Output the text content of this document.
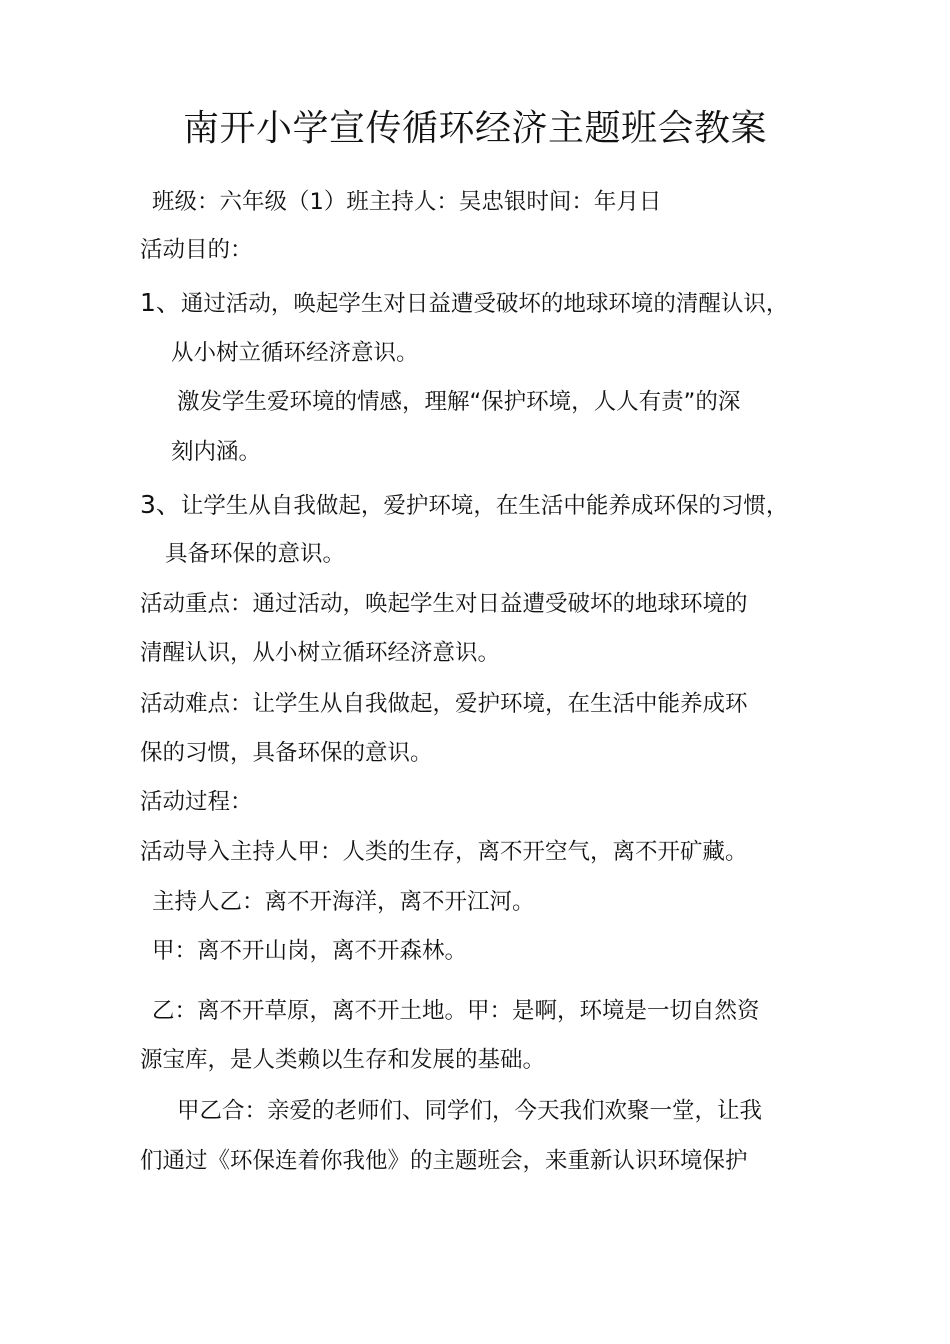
南开小学宣传循环经济主题班会教案
班级：六年级（1）班主持人：吴忠银时间：年月日
活动目的：
1、通过活动，唤起学生对日益遭受破坏的地球环境的清醒认识，
从小树立循环经济意识。
激发学生爱环境的情感，理解“保护环境，人人有责”的深
刻内涵。
3、让学生从自我做起，爱护环境，在生活中能养成环保的习惯，
具备环保的意识。
活动重点：通过活动，唤起学生对日益遭受破坏的地球环境的
清醒认识，从小树立循环经济意识。
活动难点：让学生从自我做起，爱护环境，在生活中能养成环
保的习惯，具备环保的意识。
活动过程：
活动导入主持人甲：人类的生存，离不开空气，离不开矿藏。
主持人乙：离不开海洋，离不开江河。
甲：离不开山岗，离不开森林。
乙：离不开草原，离不开土地。甲：是啊，环境是一切自然资
源宝库，是人类赖以生存和发展的基础。
甲乙合：亲爱的老师们、同学们，今天我们欢聚一堂，让我
们通过《环保连着你我他》的主题班会，来重新认识环境保护
